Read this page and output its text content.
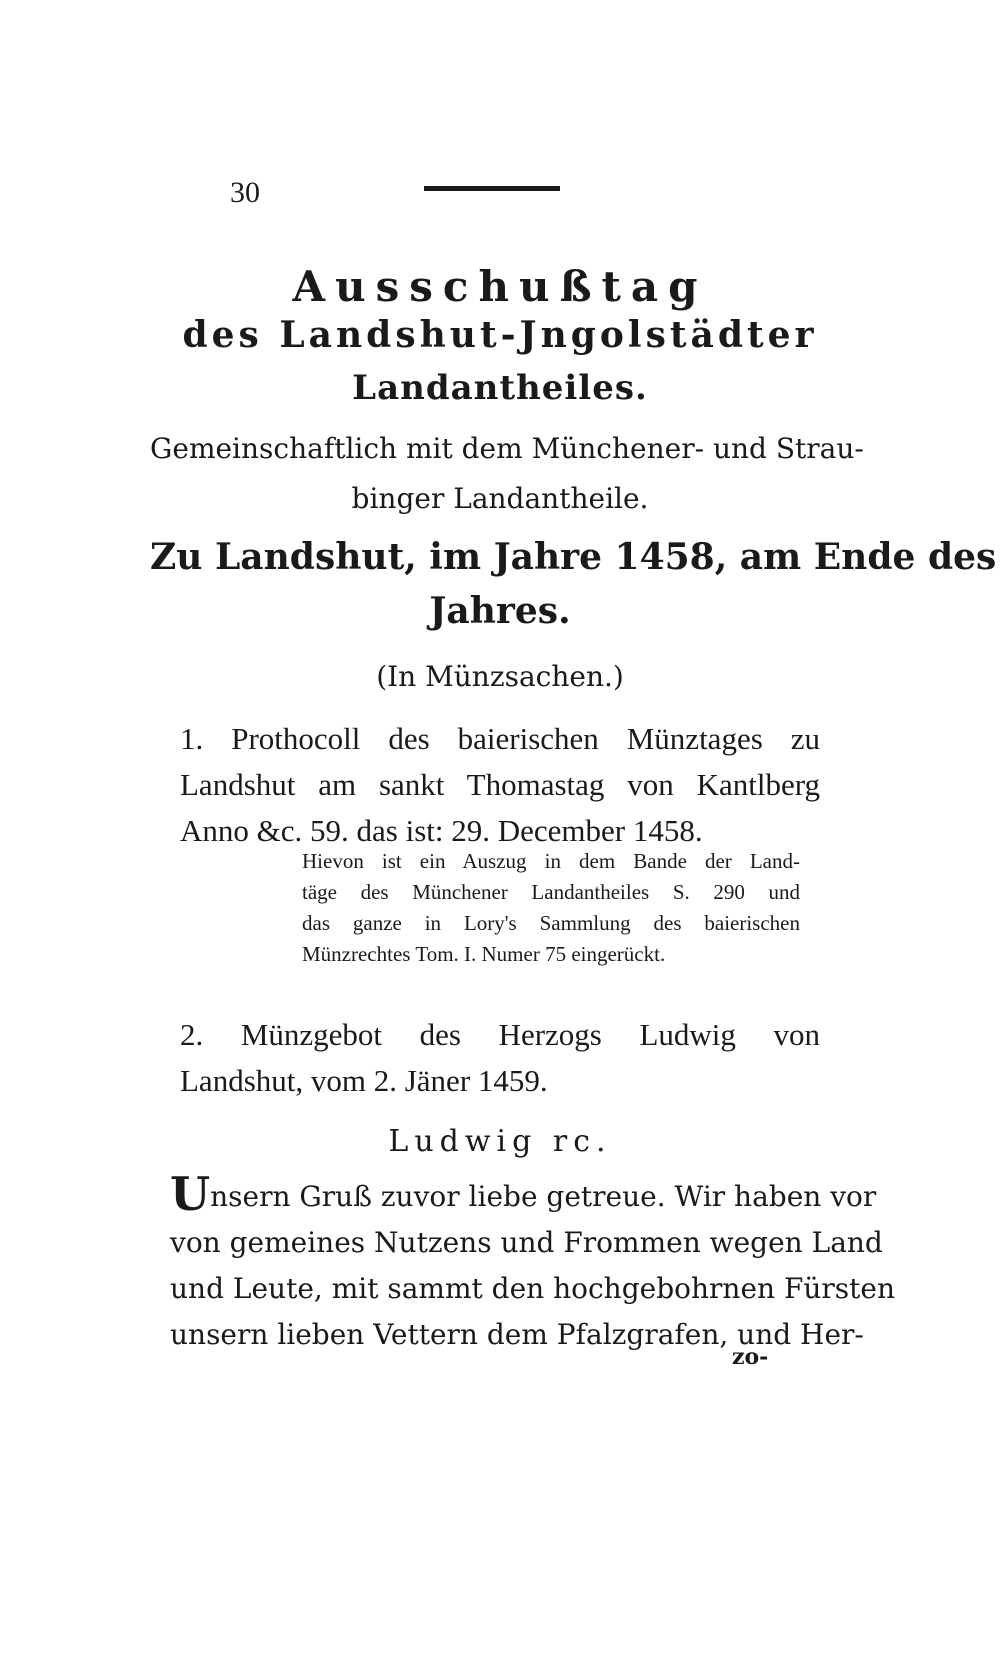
30
Ausschußtag
des Landshut-Jngolstädter
Landantheiles.
Gemeinschaftlich mit dem Münchener- und Strau-
binger Landantheile.
Zu Landshut, im Jahre 1458, am Ende des
Jahres.
(In Münzsachen.)
1. Prothocoll des baierischen Münztages zu
Landshut am sankt Thomastag von Kantlberg
Anno &c. 59. das ist: 29. December 1458.
Hievon ist ein Auszug in dem Bande der Land-
täge des Münchener Landantheiles S. 290 und
das ganze in Lory's Sammlung des baierischen
Münzrechtes Tom. I. Numer 75 eingerückt.
2. Münzgebot des Herzogs Ludwig von
Landshut, vom 2. Jäner 1459.
Ludwig rc.
Unsern Gruß zuvor liebe getreue. Wir haben vor
von gemeines Nutzens und Frommen wegen Land
und Leute, mit sammt den hochgebohrnen Fürsten
unsern lieben Vettern dem Pfalzgrafen, und Her-
zo-
